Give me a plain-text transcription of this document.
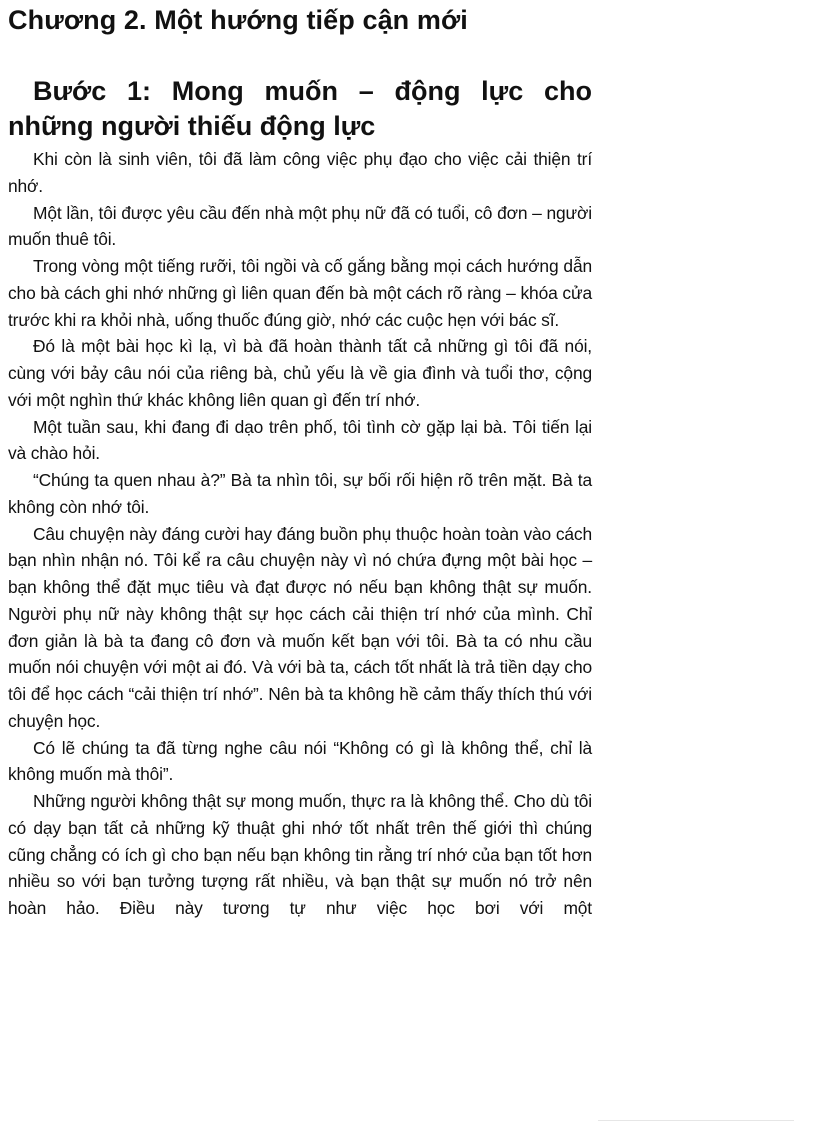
Chương 2. Một hướng tiếp cận mới
Bước 1: Mong muốn – động lực cho những người thiếu động lực

Khi còn là sinh viên, tôi đã làm công việc phụ đạo cho việc cải thiện trí nhớ.

Một lần, tôi được yêu cầu đến nhà một phụ nữ đã có tuổi, cô đơn – người muốn thuê tôi.

Trong vòng một tiếng rưỡi, tôi ngồi và cố gắng bằng mọi cách hướng dẫn cho bà cách ghi nhớ những gì liên quan đến bà một cách rõ ràng – khóa cửa trước khi ra khỏi nhà, uống thuốc đúng giờ, nhớ các cuộc hẹn với bác sĩ.

Đó là một bài học kì lạ, vì bà đã hoàn thành tất cả những gì tôi đã nói, cùng với bảy câu nói của riêng bà, chủ yếu là về gia đình và tuổi thơ, cộng với một nghìn thứ khác không liên quan gì đến trí nhớ.

Một tuần sau, khi đang đi dạo trên phố, tôi tình cờ gặp lại bà. Tôi tiến lại và chào hỏi.

“Chúng ta quen nhau à?” Bà ta nhìn tôi, sự bối rối hiện rõ trên mặt. Bà ta không còn nhớ tôi.

Câu chuyện này đáng cười hay đáng buồn phụ thuộc hoàn toàn vào cách bạn nhìn nhận nó. Tôi kể ra câu chuyện này vì nó chứa đựng một bài học – bạn không thể đặt mục tiêu và đạt được nó nếu bạn không thật sự muốn. Người phụ nữ này không thật sự học cách cải thiện trí nhớ của mình. Chỉ đơn giản là bà ta đang cô đơn và muốn kết bạn với tôi. Bà ta có nhu cầu muốn nói chuyện với một ai đó. Và với bà ta, cách tốt nhất là trả tiền dạy cho tôi để học cách “cải thiện trí nhớ”. Nên bà ta không hề cảm thấy thích thú với chuyện học.

Có lẽ chúng ta đã từng nghe câu nói “Không có gì là không thể, chỉ là không muốn mà thôi”.

Những người không thật sự mong muốn, thực ra là không thể. Cho dù tôi có dạy bạn tất cả những kỹ thuật ghi nhớ tốt nhất trên thế giới thì chúng cũng chẳng có ích gì cho bạn nếu bạn không tin rằng trí nhớ của bạn tốt hơn nhiều so với bạn tưởng tượng rất nhiều, và bạn thật sự muốn nó trở nên hoàn hảo. Điều này tương tự như việc học bơi với một
